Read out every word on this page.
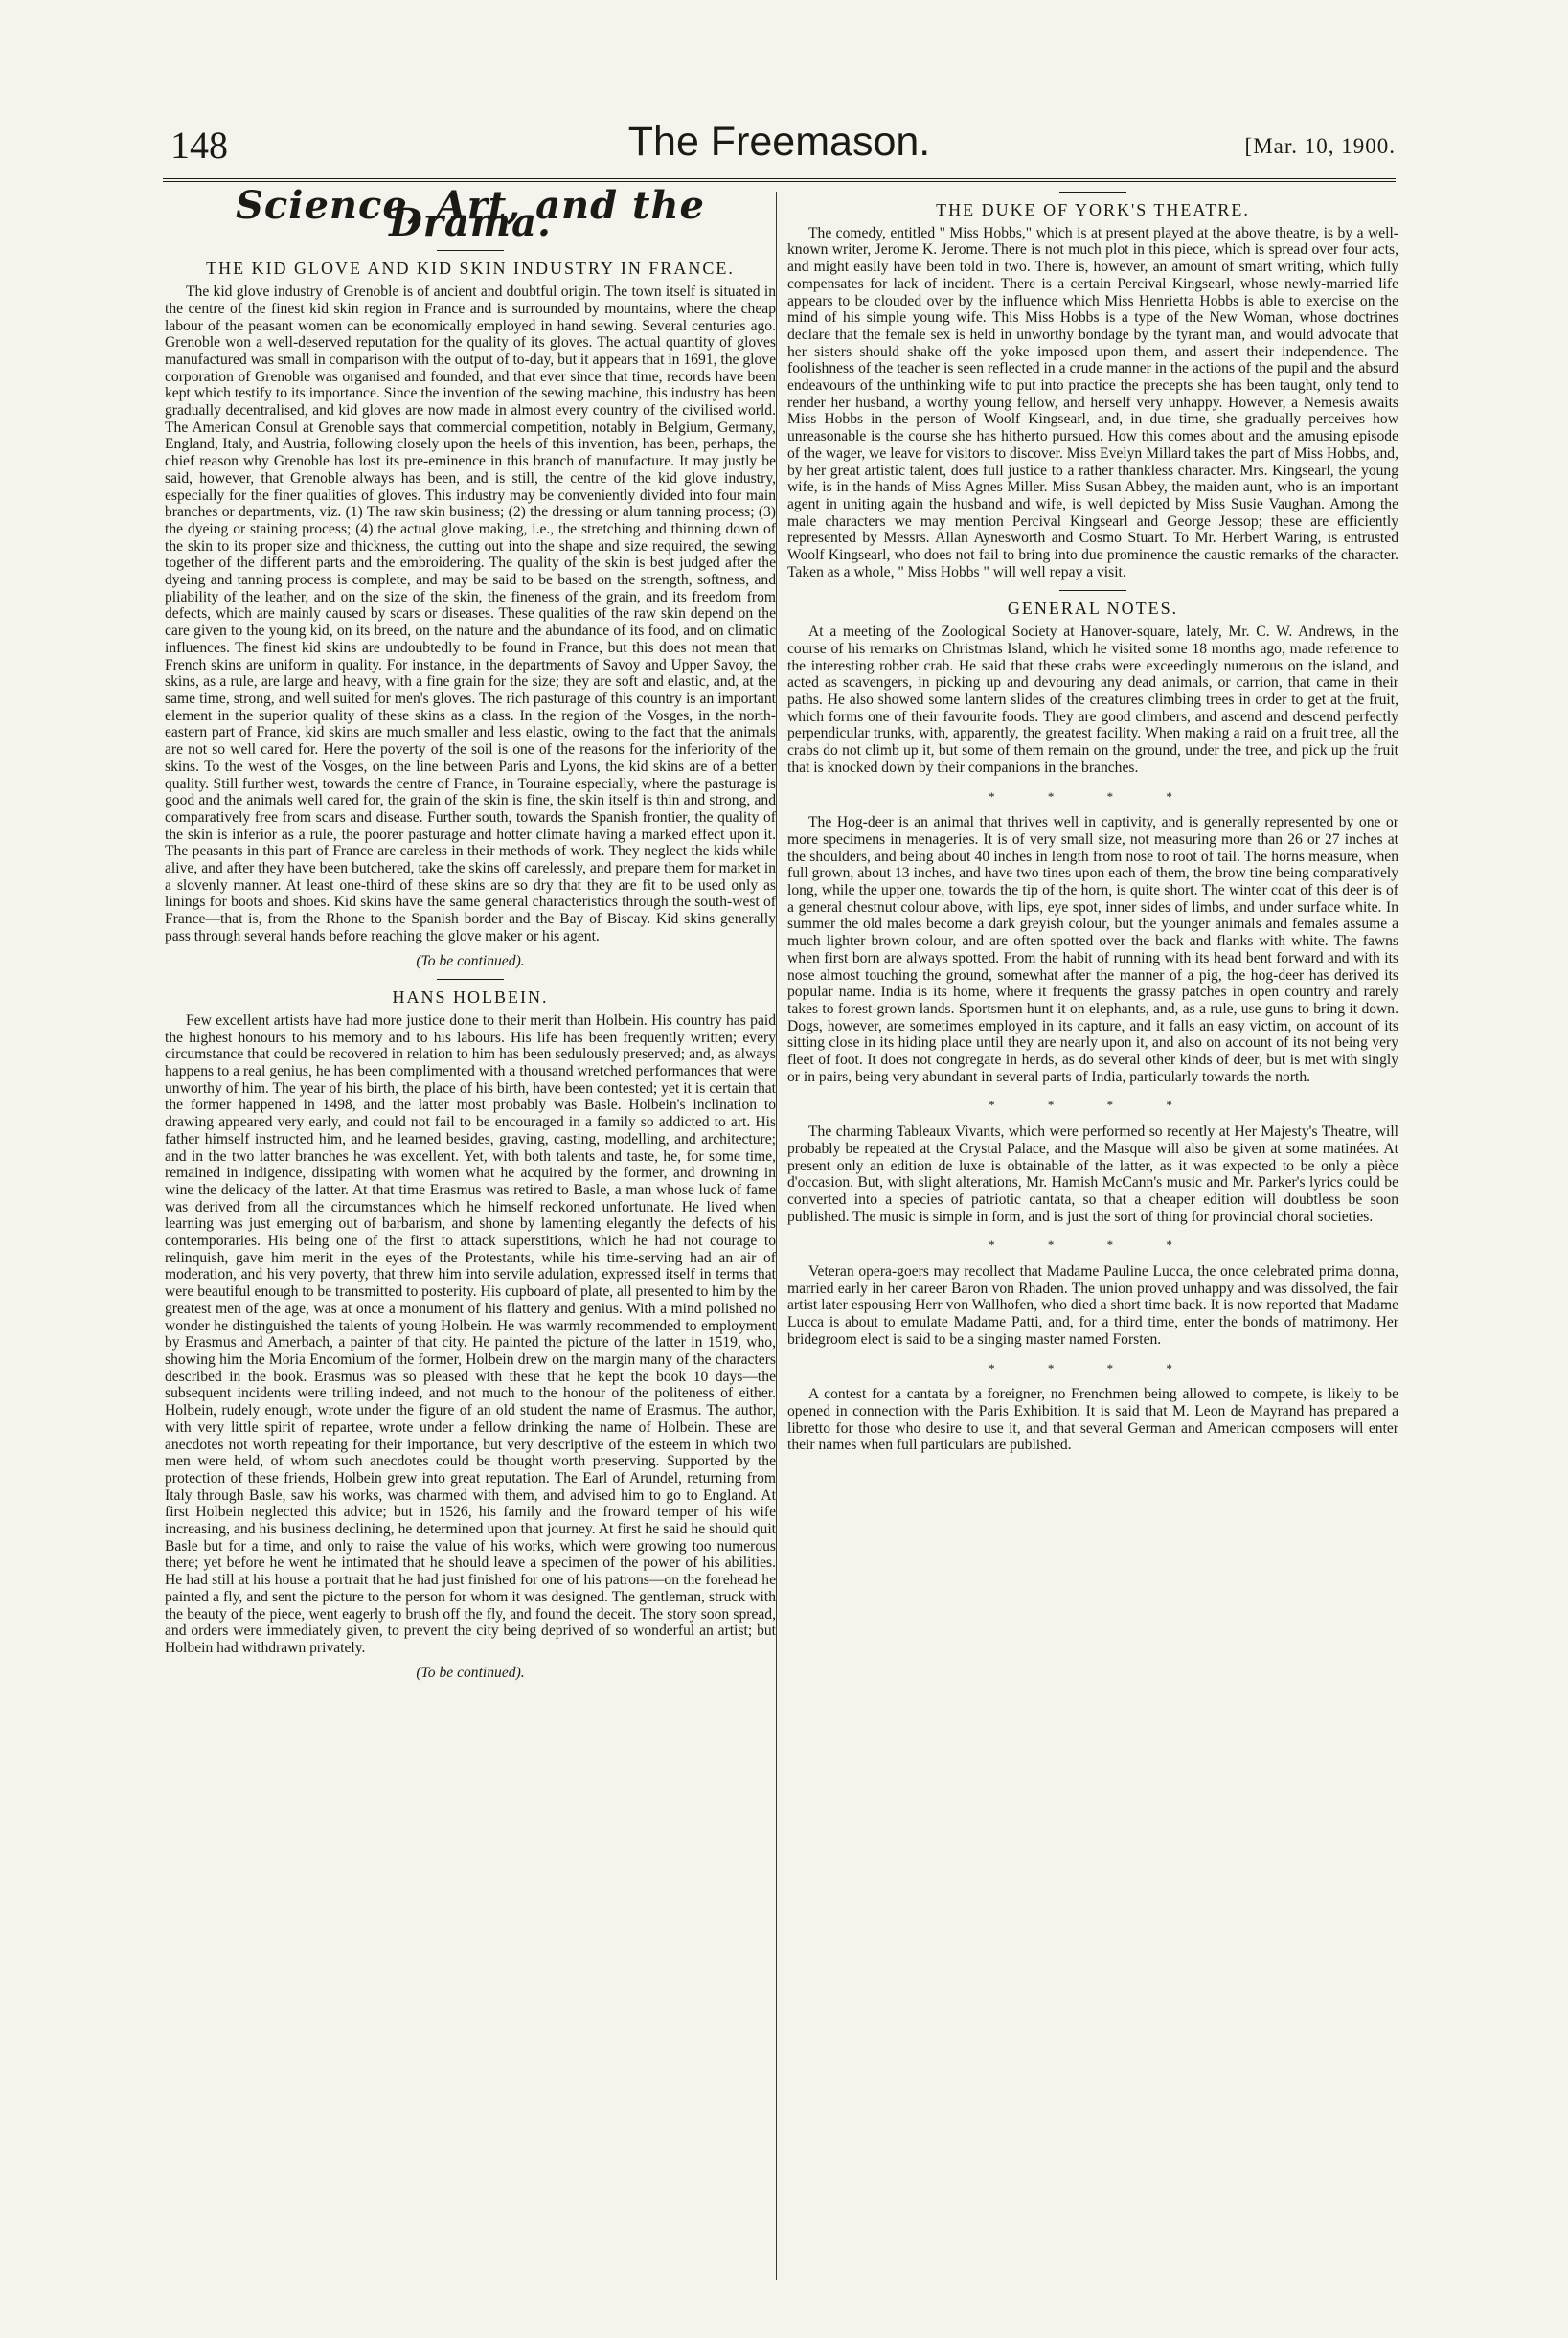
148	The Freemason.	[Mar. 10, 1900.
Science, Art, and the Drama.
THE KID GLOVE AND KID SKIN INDUSTRY IN FRANCE.

The kid glove industry of Grenoble is of ancient and doubtful origin. The town itself is situated in the centre of the finest kid skin region in France and is surrounded by mountains, where the cheap labour of the peasant women can be economically employed in hand sewing. Several centuries ago. Grenoble won a well-deserved reputation for the quality of its gloves. The actual quantity of gloves manufactured was small in comparison with the output of to-day, but it appears that in 1691, the glove corporation of Grenoble was organised and founded, and that ever since that time, records have been kept which testify to its importance. Since the invention of the sewing machine, this industry has been gradually decentralised, and kid gloves are now made in almost every country of the civilised world. The American Consul at Grenoble says that commercial competition, notably in Belgium, Germany, England, Italy, and Austria, following closely upon the heels of this invention, has been, perhaps, the chief reason why Grenoble has lost its pre-eminence in this branch of manufacture. It may justly be said, however, that Grenoble always has been, and is still, the centre of the kid glove industry, especially for the finer qualities of gloves. This industry may be conveniently divided into four main branches or departments, viz. (1) The raw skin business; (2) the dressing or alum tanning process; (3) the dyeing or staining process; (4) the actual glove making, i.e., the stretching and thinning down of the skin to its proper size and thickness, the cutting out into the shape and size required, the sewing together of the different parts and the embroidering. The quality of the skin is best judged after the dyeing and tanning process is complete, and may be said to be based on the strength, softness, and pliability of the leather, and on the size of the skin, the fineness of the grain, and its freedom from defects, which are mainly caused by scars or diseases. These qualities of the raw skin depend on the care given to the young kid, on its breed, on the nature and the abundance of its food, and on climatic influences. The finest kid skins are undoubtedly to be found in France, but this does not mean that French skins are uniform in quality. For instance, in the departments of Savoy and Upper Savoy, the skins, as a rule, are large and heavy, with a fine grain for the size; they are soft and elastic, and, at the same time, strong, and well suited for men's gloves. The rich pasturage of this country is an important element in the superior quality of these skins as a class. In the region of the Vosges, in the north-eastern part of France, kid skins are much smaller and less elastic, owing to the fact that the animals are not so well cared for. Here the poverty of the soil is one of the reasons for the inferiority of the skins. To the west of the Vosges, on the line between Paris and Lyons, the kid skins are of a better quality. Still further west, towards the centre of France, in Touraine especially, where the pasturage is good and the animals well cared for, the grain of the skin is fine, the skin itself is thin and strong, and comparatively free from scars and disease. Further south, towards the Spanish frontier, the quality of the skin is inferior as a rule, the poorer pasturage and hotter climate having a marked effect upon it. The peasants in this part of France are careless in their methods of work. They neglect the kids while alive, and after they have been butchered, take the skins off carelessly, and prepare them for market in a slovenly manner. At least one-third of these skins are so dry that they are fit to be used only as linings for boots and shoes. Kid skins have the same general characteristics through the south-west of France—that is, from the Rhone to the Spanish border and the Bay of Biscay. Kid skins generally pass through several hands before reaching the glove maker or his agent.

(To be continued).
HANS HOLBEIN.

Few excellent artists have had more justice done to their merit than Holbein. His country has paid the highest honours to his memory and to his labours. His life has been frequently written; every circumstance that could be recovered in relation to him has been sedulously preserved; and, as always happens to a real genius, he has been complimented with a thousand wretched performances that were unworthy of him. The year of his birth, the place of his birth, have been contested; yet it is certain that the former happened in 1498, and the latter most probably was Basle. Holbein's inclination to drawing appeared very early, and could not fail to be encouraged in a family so addicted to art. His father himself instructed him, and he learned besides, graving, casting, modelling, and architecture; and in the two latter branches he was excellent. Yet, with both talents and taste, he, for some time, remained in indigence, dissipating with women what he acquired by the former, and drowning in wine the delicacy of the latter. At that time Erasmus was retired to Basle, a man whose luck of fame was derived from all the circumstances which he himself reckoned unfortunate. He lived when learning was just emerging out of barbarism, and shone by lamenting elegantly the defects of his contemporaries. His being one of the first to attack superstitions, which he had not courage to relinquish, gave him merit in the eyes of the Protestants, while his time-serving had an air of moderation, and his very poverty, that threw him into servile adulation, expressed itself in terms that were beautiful enough to be transmitted to posterity. His cupboard of plate, all presented to him by the greatest men of the age, was at once a monument of his flattery and genius. With a mind polished no wonder he distinguished the talents of young Holbein. He was warmly recommended to employment by Erasmus and Amerbach, a painter of that city. He painted the picture of the latter in 1519, who, showing him the Moria Encomium of the former, Holbein drew on the margin many of the characters described in the book. Erasmus was so pleased with these that he kept the book 10 days—the subsequent incidents were trilling indeed, and not much to the honour of the politeness of either. Holbein, rudely enough, wrote under the figure of an old student the name of Erasmus. The author, with very little spirit of repartee, wrote under a fellow drinking the name of Holbein. These are anecdotes not worth repeating for their importance, but very descriptive of the esteem in which two men were held, of whom such anecdotes could be thought worth preserving. Supported by the protection of these friends, Holbein grew into great reputation. The Earl of Arundel, returning from Italy through Basle, saw his works, was charmed with them, and advised him to go to England. At first Holbein neglected this advice; but in 1526, his family and the froward temper of his wife increasing, and his business declining, he determined upon that journey. At first he said he should quit Basle but for a time, and only to raise the value of his works, which were growing too numerous there; yet before he went he intimated that he should leave a specimen of the power of his abilities. He had still at his house a portrait that he had just finished for one of his patrons—on the forehead he painted a fly, and sent the picture to the person for whom it was designed. The gentleman, struck with the beauty of the piece, went eagerly to brush off the fly, and found the deceit. The story soon spread, and orders were immediately given, to prevent the city being deprived of so wonderful an artist; but Holbein had withdrawn privately.

(To be continued).
THE DUKE OF YORK'S THEATRE.

The comedy, entitled " Miss Hobbs," which is at present played at the above theatre, is by a well-known writer, Jerome K. Jerome. There is not much plot in this piece, which is spread over four acts, and might easily have been told in two. There is, however, an amount of smart writing, which fully compensates for lack of incident. There is a certain Percival Kingsearl, whose newly-married life appears to be clouded over by the influence which Miss Henrietta Hobbs is able to exercise on the mind of his simple young wife. This Miss Hobbs is a type of the New Woman, whose doctrines declare that the female sex is held in unworthy bondage by the tyrant man, and would advocate that her sisters should shake off the yoke imposed upon them, and assert their independence. The foolishness of the teacher is seen reflected in a crude manner in the actions of the pupil and the absurd endeavours of the unthinking wife to put into practice the precepts she has been taught, only tend to render her husband, a worthy young fellow, and herself very unhappy. However, a Nemesis awaits Miss Hobbs in the person of Woolf Kingsearl, and, in due time, she gradually perceives how unreasonable is the course she has hitherto pursued. How this comes about and the amusing episode of the wager, we leave for visitors to discover. Miss Evelyn Millard takes the part of Miss Hobbs, and, by her great artistic talent, does full justice to a rather thankless character. Mrs. Kingsearl, the young wife, is in the hands of Miss Agnes Miller. Miss Susan Abbey, the maiden aunt, who is an important agent in uniting again the husband and wife, is well depicted by Miss Susie Vaughan. Among the male characters we may mention Percival Kingsearl and George Jessop; these are efficiently represented by Messrs. Allan Aynesworth and Cosmo Stuart. To Mr. Herbert Waring, is entrusted Woolf Kingsearl, who does not fail to bring into due prominence the caustic remarks of the character. Taken as a whole, " Miss Hobbs " will well repay a visit.

GENERAL NOTES.

At a meeting of the Zoological Society at Hanover-square, lately, Mr. C. W. Andrews, in the course of his remarks on Christmas Island, which he visited some 18 months ago, made reference to the interesting robber crab. He said that these crabs were exceedingly numerous on the island, and acted as scavengers, in picking up and devouring any dead animals, or carrion, that came in their paths. He also showed some lantern slides of the creatures climbing trees in order to get at the fruit, which forms one of their favourite foods. They are good climbers, and ascend and descend perfectly perpendicular trunks, with, apparently, the greatest facility. When making a raid on a fruit tree, all the crabs do not climb up it, but some of them remain on the ground, under the tree, and pick up the fruit that is knocked down by their companions in the branches.

* * * *

The Hog-deer is an animal that thrives well in captivity, and is generally represented by one or more specimens in menageries. It is of very small size, not measuring more than 26 or 27 inches at the shoulders, and being about 40 inches in length from nose to root of tail. The horns measure, when full grown, about 13 inches, and have two tines upon each of them, the brow tine being comparatively long, while the upper one, towards the tip of the horn, is quite short. The winter coat of this deer is of a general chestnut colour above, with lips, eye spot, inner sides of limbs, and under surface white. In summer the old males become a dark greyish colour, but the younger animals and females assume a much lighter brown colour, and are often spotted over the back and flanks with white. The fawns when first born are always spotted. From the habit of running with its head bent forward and with its nose almost touching the ground, somewhat after the manner of a pig, the hog-deer has derived its popular name. India is its home, where it frequents the grassy patches in open country and rarely takes to forest-grown lands. Sportsmen hunt it on elephants, and, as a rule, use guns to bring it down. Dogs, however, are sometimes employed in its capture, and it falls an easy victim, on account of its sitting close in its hiding place until they are nearly upon it, and also on account of its not being very fleet of foot. It does not congregate in herds, as do several other kinds of deer, but is met with singly or in pairs, being very abundant in several parts of India, particularly towards the north.

* * * *

The charming Tableaux Vivants, which were performed so recently at Her Majesty's Theatre, will probably be repeated at the Crystal Palace, and the Masque will also be given at some matinées. At present only an edition de luxe is obtainable of the latter, as it was expected to be only a pièce d'occasion. But, with slight alterations, Mr. Hamish McCann's music and Mr. Parker's lyrics could be converted into a species of patriotic cantata, so that a cheaper edition will doubtless be soon published. The music is simple in form, and is just the sort of thing for provincial choral societies.

* * * *

Veteran opera-goers may recollect that Madame Pauline Lucca, the once celebrated prima donna, married early in her career Baron von Rhaden. The union proved unhappy and was dissolved, the fair artist later espousing Herr von Wallhofen, who died a short time back. It is now reported that Madame Lucca is about to emulate Madame Patti, and, for a third time, enter the bonds of matrimony. Her bridegroom elect is said to be a singing master named Forsten.

* * * *

A contest for a cantata by a foreigner, no Frenchmen being allowed to compete, is likely to be opened in connection with the Paris Exhibition. It is said that M. Leon de Mayrand has prepared a libretto for those who desire to use it, and that several German and American composers will enter their names when full particulars are published.
